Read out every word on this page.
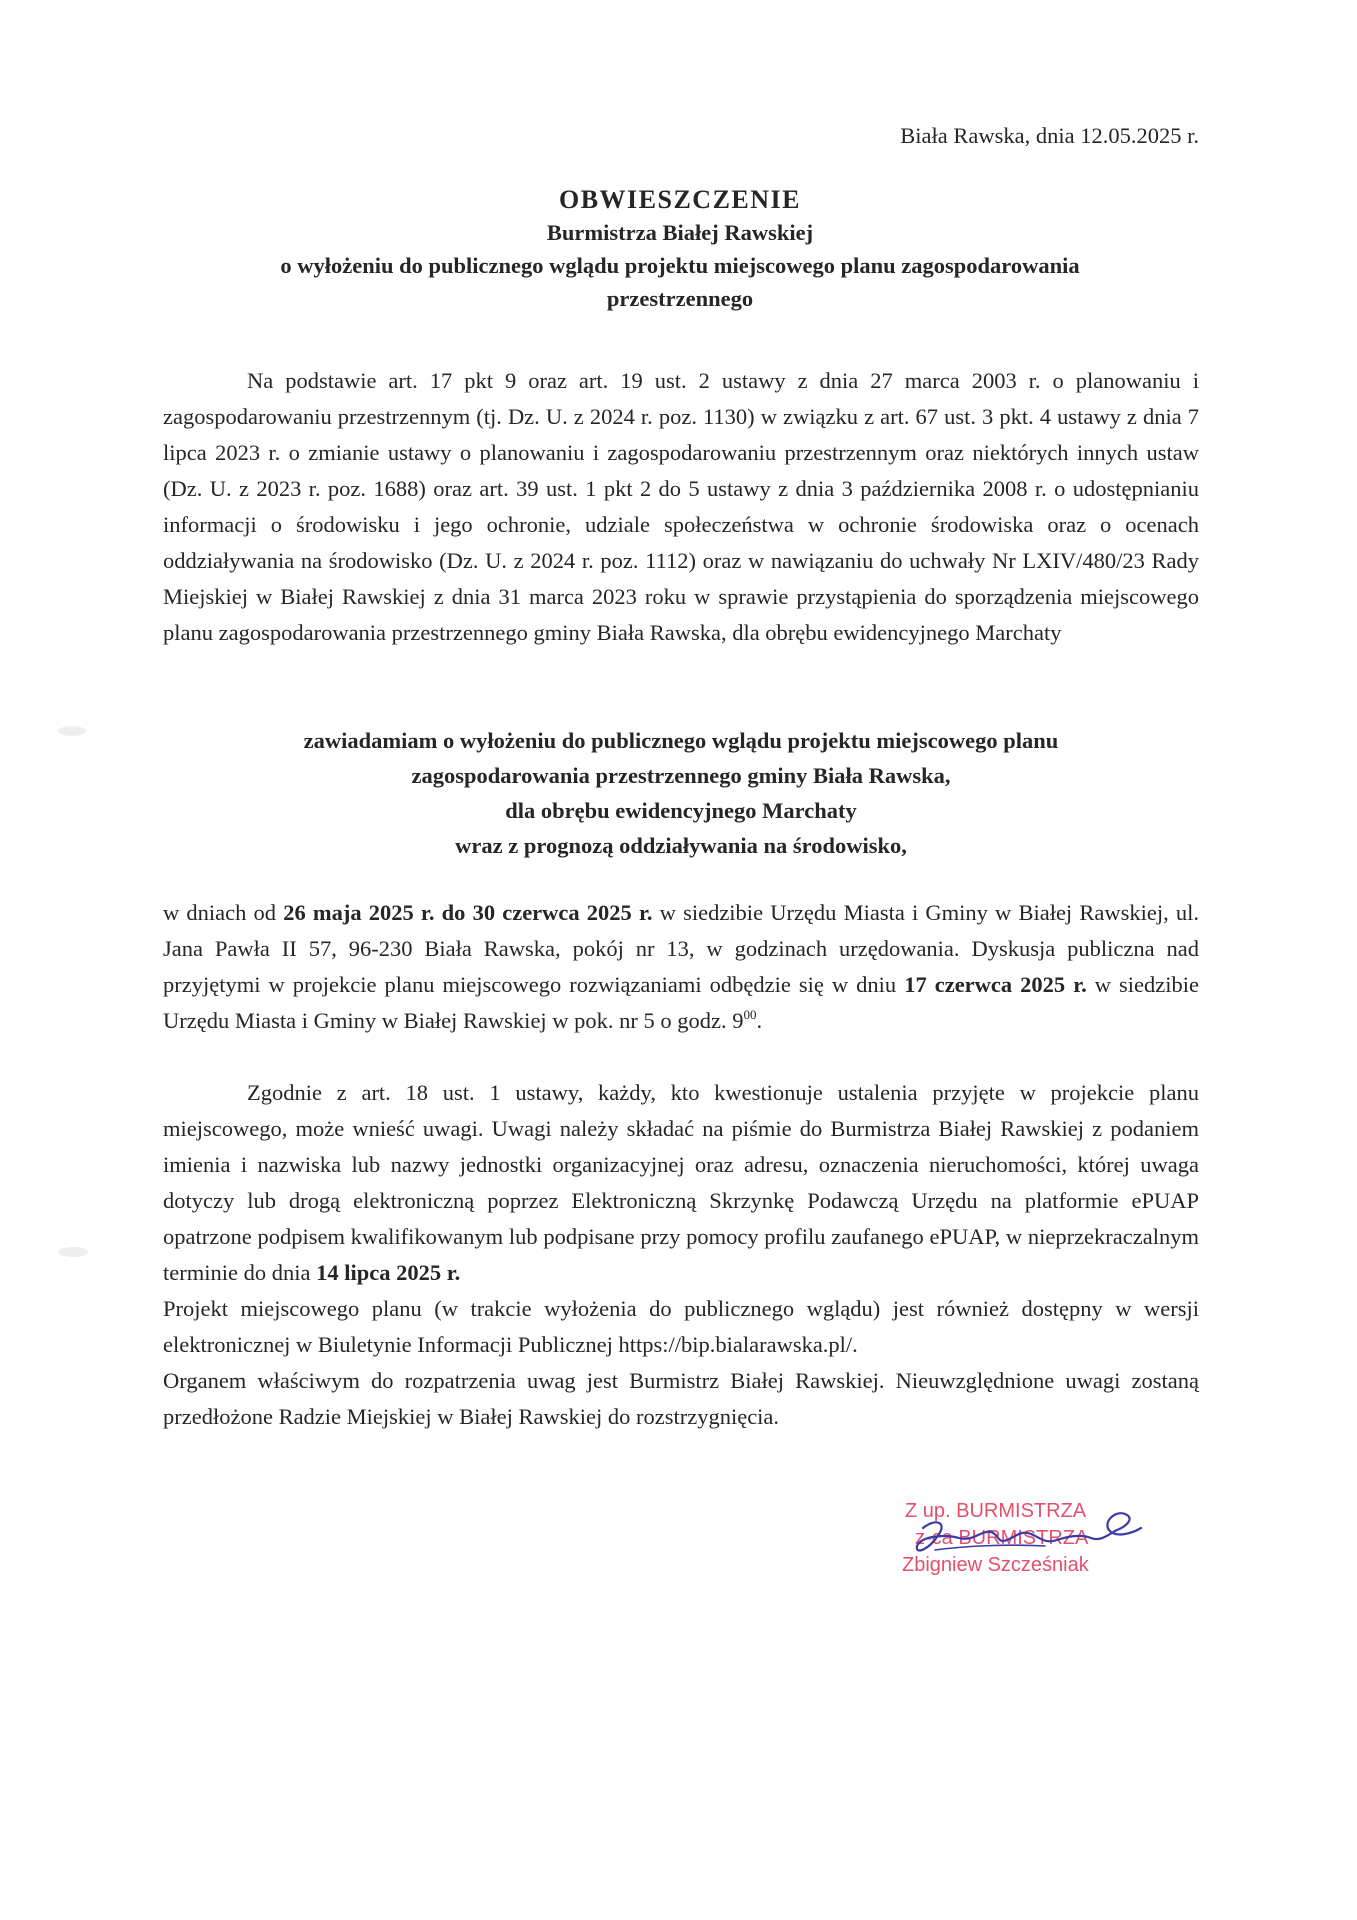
Biała Rawska, dnia 12.05.2025 r.
OBWIESZCZENIE
Burmistrza Białej Rawskiej
o wyłożeniu do publicznego wglądu projektu miejscowego planu zagospodarowania
przestrzennego

Na podstawie art. 17 pkt 9 oraz art. 19 ust. 2 ustawy z dnia 27 marca 2003 r. o planowaniu i zagospodarowaniu przestrzennym (tj. Dz. U. z 2024 r. poz. 1130) w związku z art. 67 ust. 3 pkt. 4 ustawy z dnia 7 lipca 2023 r. o zmianie ustawy o planowaniu i zagospodarowaniu przestrzennym oraz niektórych innych ustaw (Dz. U. z 2023 r. poz. 1688) oraz art. 39 ust. 1 pkt 2 do 5 ustawy z dnia 3 października 2008 r. o udostępnianiu informacji o środowisku i jego ochronie, udziale społeczeństwa w ochronie środowiska oraz o ocenach oddziaływania na środowisko (Dz. U. z 2024 r. poz. 1112) oraz w nawiązaniu do uchwały Nr LXIV/480/23 Rady Miejskiej w Białej Rawskiej z dnia 31 marca 2023 roku w sprawie przystąpienia do sporządzenia miejscowego planu zagospodarowania przestrzennego gminy Biała Rawska, dla obrębu ewidencyjnego Marchaty

zawiadamiam o wyłożeniu do publicznego wglądu projektu miejscowego planu
zagospodarowania przestrzennego gminy Biała Rawska,
dla obrębu ewidencyjnego Marchaty
wraz z prognozą oddziaływania na środowisko,

w dniach od 26 maja 2025 r. do 30 czerwca 2025 r. w siedzibie Urzędu Miasta i Gminy w Białej Rawskiej, ul. Jana Pawła II 57, 96-230 Biała Rawska, pokój nr 13, w godzinach urzędowania. Dyskusja publiczna nad przyjętymi w projekcie planu miejscowego rozwiązaniami odbędzie się w dniu 17 czerwca 2025 r. w siedzibie Urzędu Miasta i Gminy w Białej Rawskiej w pok. nr 5 o godz. $9^{00}$.

Zgodnie z art. 18 ust. 1 ustawy, każdy, kto kwestionuje ustalenia przyjęte w projekcie planu miejscowego, może wnieść uwagi. Uwagi należy składać na piśmie do Burmistrza Białej Rawskiej z podaniem imienia i nazwiska lub nazwy jednostki organizacyjnej oraz adresu, oznaczenia nieruchomości, której uwaga dotyczy lub drogą elektroniczną poprzez Elektroniczną Skrzynkę Podawczą Urzędu na platformie ePUAP opatrzone podpisem kwalifikowanym lub podpisane przy pomocy profilu zaufanego ePUAP, w nieprzekraczalnym terminie do dnia 14 lipca 2025 r.

Projekt miejscowego planu (w trakcie wyłożenia do publicznego wglądu) jest również dostępny w wersji elektronicznej w Biuletynie Informacji Publicznej https://bip.bialarawska.pl/.

Organem właściwym do rozpatrzenia uwag jest Burmistrz Białej Rawskiej. Nieuwzględnione uwagi zostaną przedłożone Radzie Miejskiej w Białej Rawskiej do rozstrzygnięcia.

Z up. BURMISTRZA
z-ca BURMISTRZA
Zbigniew Szcześniak
